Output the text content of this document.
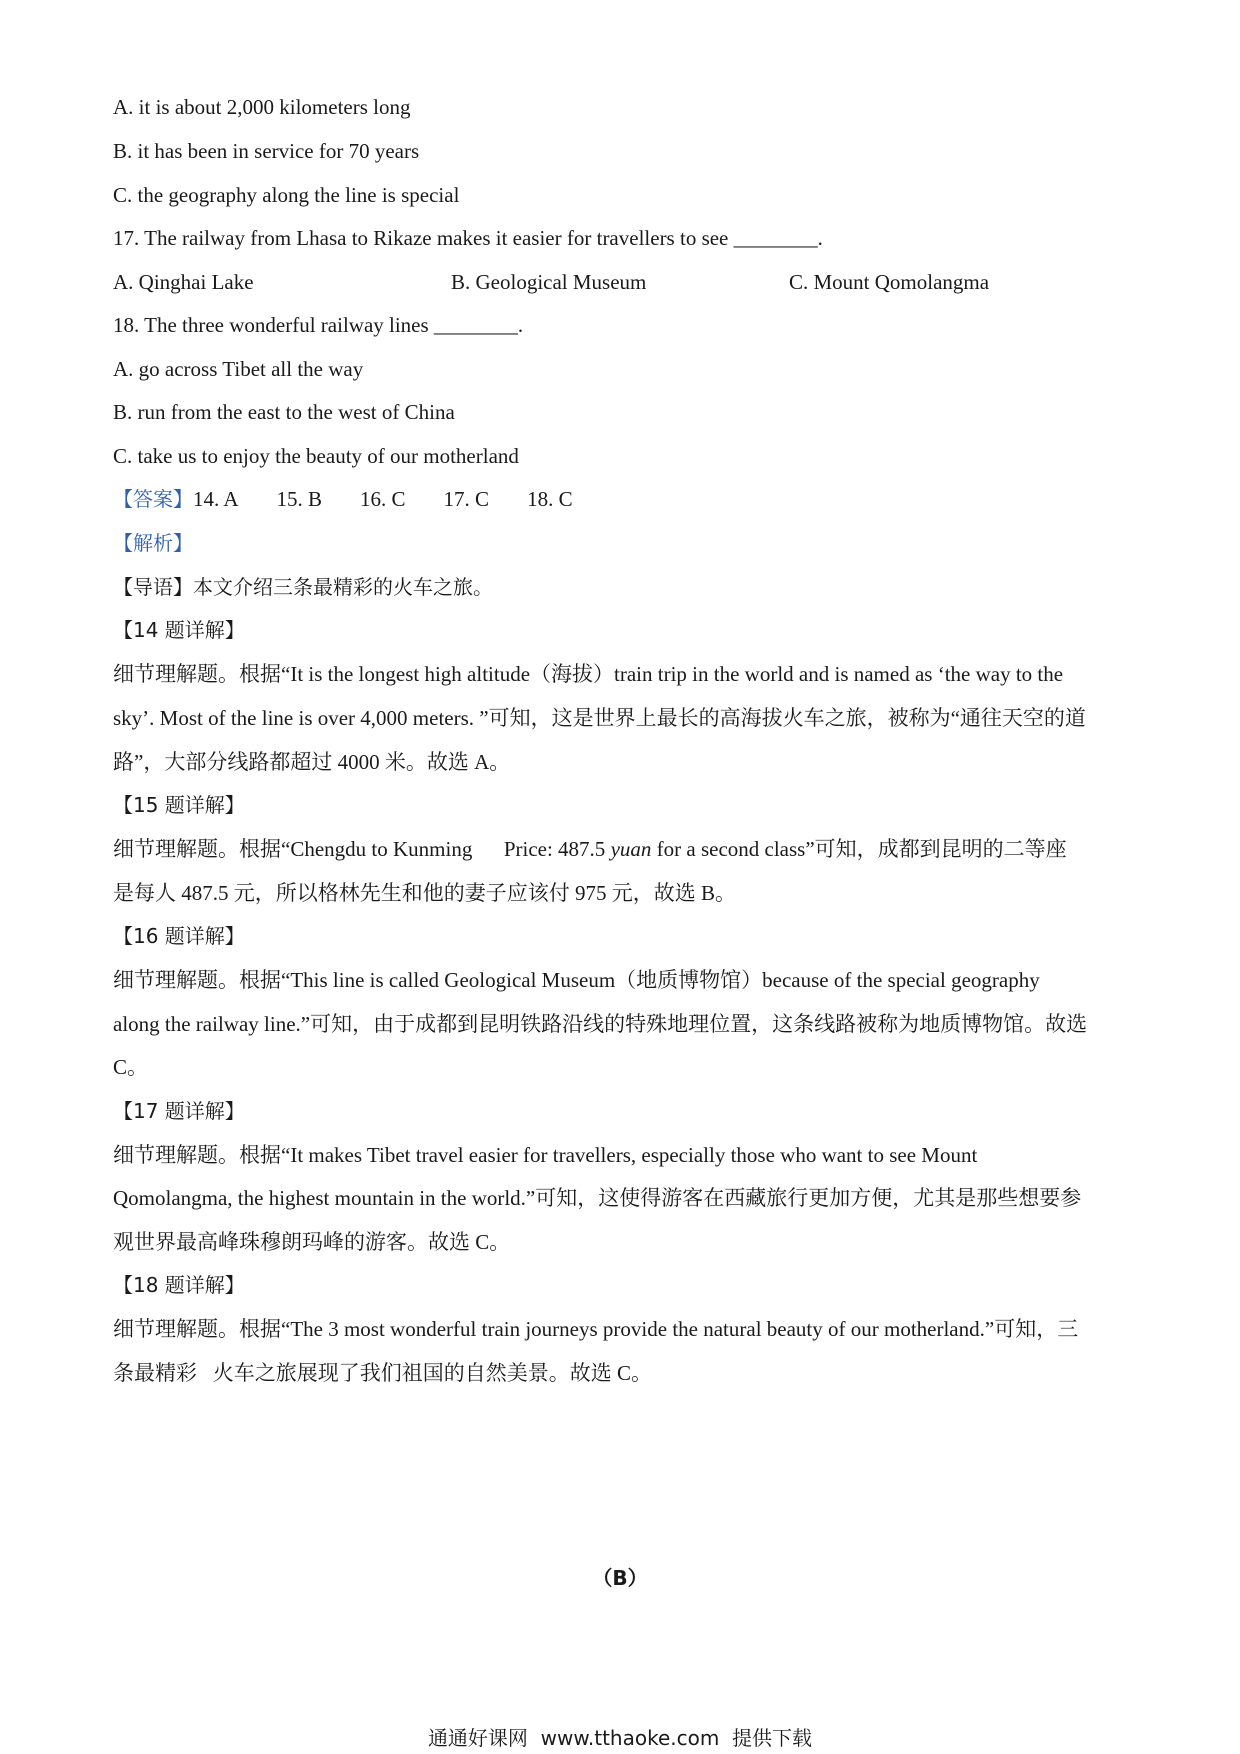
A. it is about 2,000 kilometers long
B. it has been in service for 70 years
C. the geography along the line is special
17. The railway from Lhasa to Rikaze makes it easier for travellers to see ________.
A. Qinghai Lake	B. Geological Museum	C. Mount Qomolangma
18. The three wonderful railway lines ________.
A. go across Tibet all the way
B. run from the east to the west of China
C. take us to enjoy the beauty of our motherland
【答案】14. A 15. B 16. C 17. C 18. C
【解析】
【导语】本文介绍三条最精彩的火车之旅。
【14 题详解】
细节理解题。根据“It is the longest high altitude（海拔）train trip in the world and is named as ‘the way to the
sky’. Most of the line is over 4,000 meters. ”可知，这是世界上最长的高海拔火车之旅，被称为“通往天空的道
路”，大部分线路都超过 4000 米。故选 A。
【15 题详解】
细节理解题。根据“Chengdu to Kunming      Price: 487.5 yuan for a second class”可知，成都到昆明的二等座
是每人 487.5 元，所以格林先生和他的妻子应该付 975 元，故选 B。
【16 题详解】
细节理解题。根据“This line is called Geological Museum（地质博物馆）because of the special geography
along the railway line.”可知，由于成都到昆明铁路沿线的特殊地理位置，这条线路被称为地质博物馆。故选
C。
【17 题详解】
细节理解题。根据“It makes Tibet travel easier for travellers, especially those who want to see Mount
Qomolangma, the highest mountain in the world.”可知，这使得游客在西藏旅行更加方便，尤其是那些想要参
观世界最高峰珠穆朗玛峰的游客。故选 C。
【18 题详解】
细节理解题。根据“The 3 most wonderful train journeys provide the natural beauty of our motherland.”可知，三
条最精彩   火车之旅展现了我们祖国的自然美景。故选 C。
（B）
通通好课网  www.tthaoke.com  提供下载
